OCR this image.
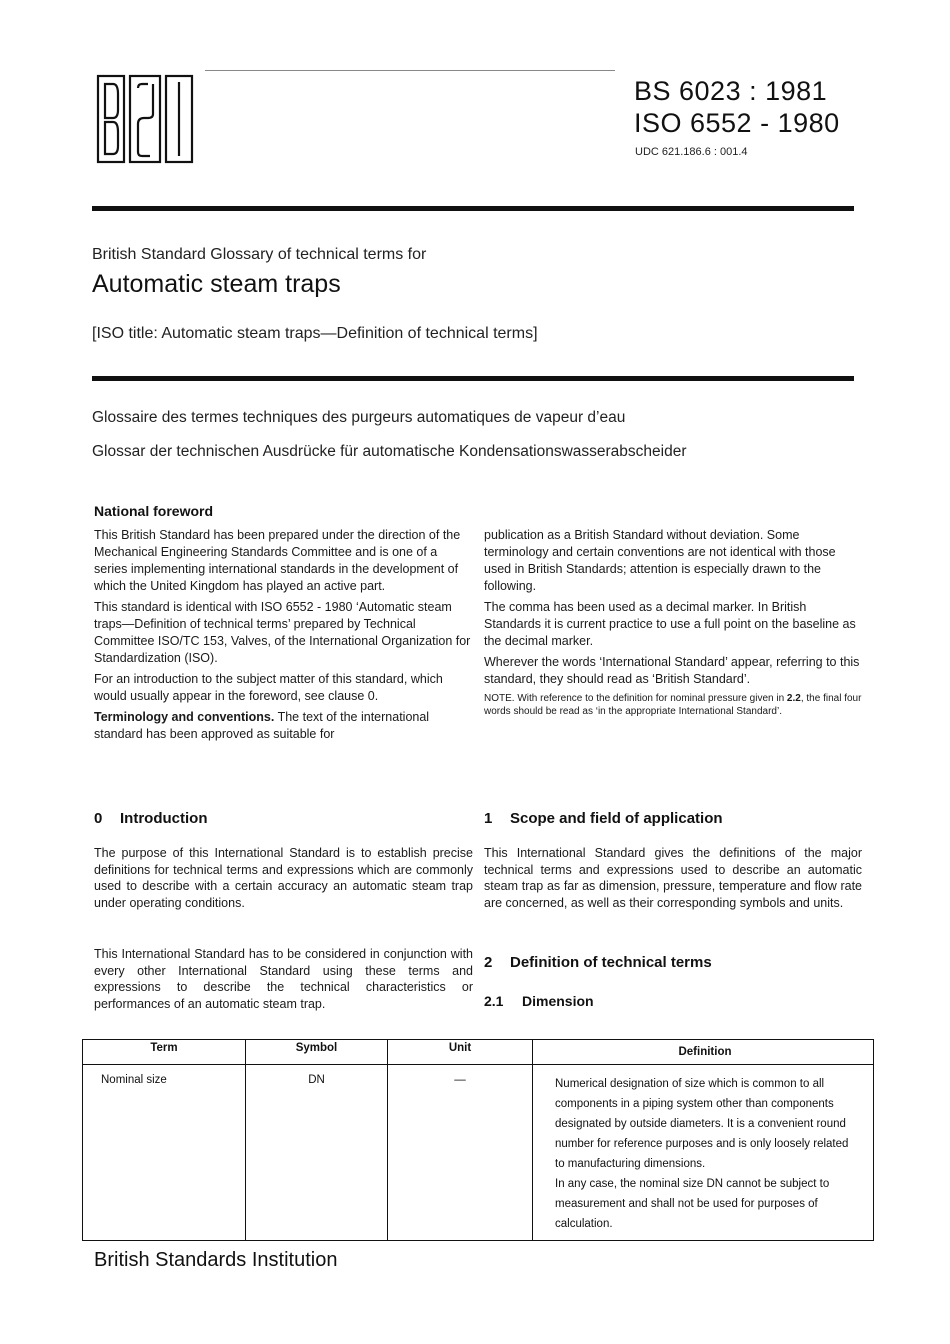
BS 6023 : 1981
ISO 6552 - 1980
UDC 621.186.6 : 001.4
British Standard Glossary of technical terms for
Automatic steam traps
[ISO title: Automatic steam traps—Definition of technical terms]
Glossaire des termes techniques des purgeurs automatiques de vapeur d’eau
Glossar der technischen Ausdrücke für automatische Kondensationswasserabscheider
National foreword

This British Standard has been prepared under the direction of the Mechanical Engineering Standards Committee and is one of a series implementing international standards in the development of which the United Kingdom has played an active part.

This standard is identical with ISO 6552 - 1980 ‘Automatic steam traps—Definition of technical terms’ prepared by Technical Committee ISO/TC 153, Valves, of the International Organization for Standardization (ISO).

For an introduction to the subject matter of this standard, which would usually appear in the foreword, see clause 0.

Terminology and conventions. The text of the international standard has been approved as suitable for

publication as a British Standard without deviation. Some terminology and certain conventions are not identical with those used in British Standards; attention is especially drawn to the following.

The comma has been used as a decimal marker. In British Standards it is current practice to use a full point on the baseline as the decimal marker.

Wherever the words ‘International Standard’ appear, referring to this standard, they should read as ‘British Standard’.

NOTE. With reference to the definition for nominal pressure given in 2.2, the final four words should be read as ‘in the appropriate International Standard’.

0 Introduction

The purpose of this International Standard is to establish precise definitions for technical terms and expressions which are commonly used to describe with a certain accuracy an automatic steam trap under operating conditions.

This International Standard has to be considered in conjunction with every other International Standard using these terms and expressions to describe the technical characteristics or performances of an automatic steam trap.

1 Scope and field of application

This International Standard gives the definitions of the major technical terms and expressions used to describe an automatic steam trap as far as dimension, pressure, temperature and flow rate are concerned, as well as their corresponding symbols and units.

2 Definition of technical terms
2.1 Dimension
Term	Symbol	Unit	Definition
Nominal size	DN	—	Numerical designation of size which is common to all components in a piping system other than components designated by outside diameters. It is a convenient round number for reference purposes and is only loosely related to manufacturing dimensions.
In any case, the nominal size DN cannot be subject to measurement and shall not be used for purposes of calculation.
British Standards Institution
